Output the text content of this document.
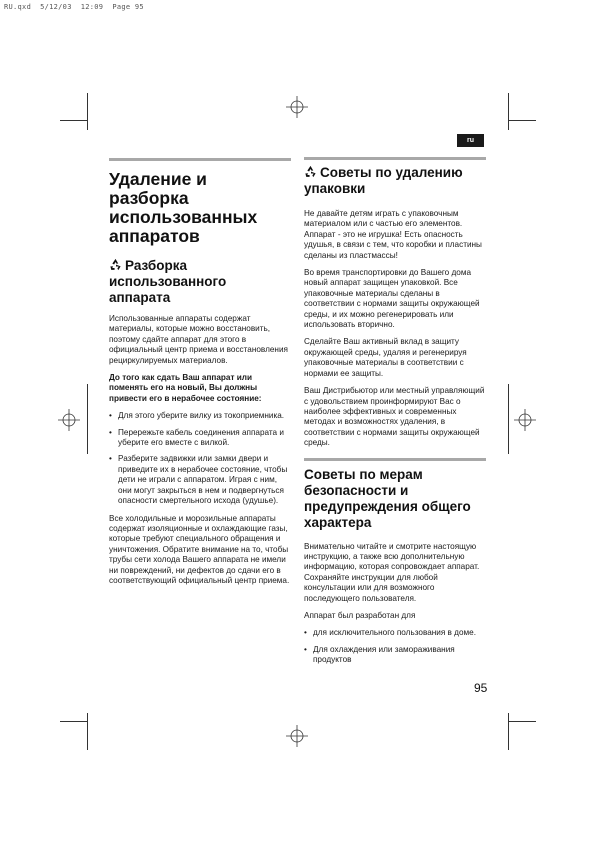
RU.qxd  5/12/03  12:09  Page 95
ru
Удаление и разборка использованных аппаратов
Разборка использованного аппарата

Использованные аппараты содержат материалы, которые можно восстановить, поэтому сдайте аппарат для этого в официальный центр приема и восстановления рециркулируемых материалов.

До того как сдать Ваш аппарат или поменять его на новый, Вы должны привести его в нерабочее состояние:

• Для этого уберите вилку из токоприемника.
• Перережьте кабель соединения аппарата и уберите его вместе с вилкой.
• Разберите задвижки или замки двери и приведите их в нерабочее состояние, чтобы дети не играли с аппаратом. Играя с ним, они могут закрыться в нем и подвергнуться опасности смертельного исхода (удушье).

Все холодильные и морозильные аппараты содержат изоляционные и охлаждающие газы, которые требуют специального обращения и уничтожения. Обратите внимание на то, чтобы трубы сети холода Вашего аппарата не имели ни повреждений, ни дефектов до сдачи его в соответствующий официальный центр приема.

Советы по удалению упаковки

Не давайте детям играть с упаковочным материалом или с частью его элементов. Аппарат - это не игрушка! Есть опасность удушья, в связи с тем, что коробки и пластины сделаны из пластмассы!

Во время транспортировки до Вашего дома новый аппарат защищен упаковкой. Все упаковочные материалы сделаны в соответствии с нормами защиты окружающей среды, и их можно регенерировать или использовать вторично.

Сделайте Ваш активный вклад в защиту окружающей среды, удаляя и регенерируя упаковочные материалы в соответствии с нормами ее защиты.

Ваш Дистрибьютор или местный управляющий с удовольствием проинформируют Вас о наиболее эффективных и современных методах и возможностях удаления, в соответствии с нормами защиты окружающей среды.

Советы по мерам безопасности и предупреждения общего характера

Внимательно читайте и смотрите настоящую инструкцию, а также всю дополнительную информацию, которая сопровождает аппарат. Сохраняйте инструкции для любой консультации или для возможного последующего пользователя.

Аппарат был разработан для

• для исключительного пользования в доме.
• Для охлаждения или замораживания продуктов
95
